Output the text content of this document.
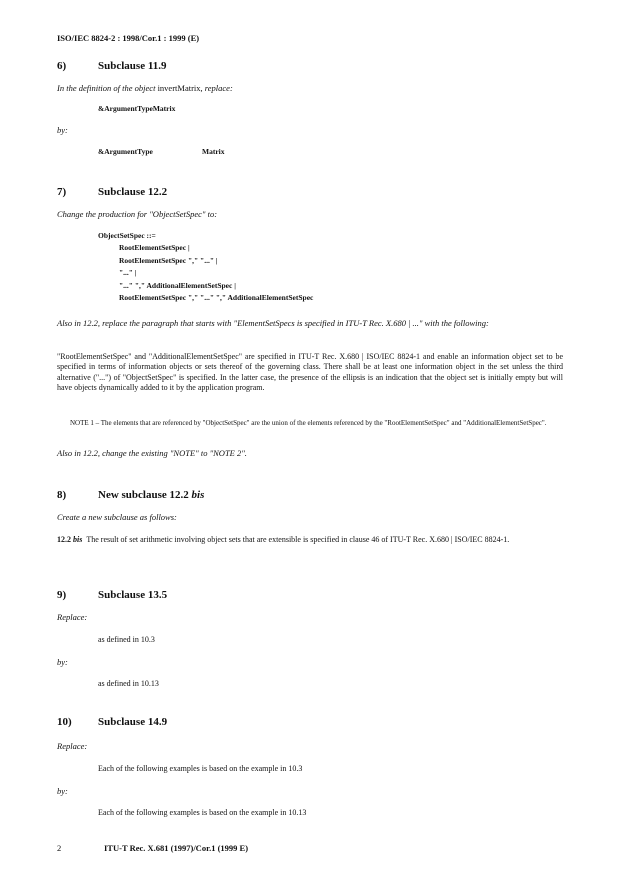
ISO/IEC 8824-2 : 1998/Cor.1 : 1999 (E)
6)	Subclause 11.9
In the definition of the object invertMatrix, replace:
&ArgumentTypeMatrix
by:
&ArgumentType	Matrix
7)	Subclause 12.2
Change the production for "ObjectSetSpec" to:
ObjectSetSpec ::=
RootElementSetSpec |
RootElementSetSpec "," "..." |
"..." |
"..." "," AdditionalElementSetSpec |
RootElementSetSpec "," "..." "," AdditionalElementSetSpec
Also in 12.2, replace the paragraph that starts with "ElementSetSpecs is specified in ITU-T Rec. X.680 | ..." with the following:
"RootElementSetSpec" and "AdditionalElementSetSpec" are specified in ITU-T Rec. X.680 | ISO/IEC 8824-1 and enable an information object set to be specified in terms of information objects or sets thereof of the governing class. There shall be at least one information object in the set unless the third alternative ("...") of "ObjectSetSpec" is specified. In the latter case, the presence of the ellipsis is an indication that the object set is initially empty but will have objects dynamically added to it by the application program.
NOTE 1 – The elements that are referenced by "ObjectSetSpec" are the union of the elements referenced by the "RootElementSetSpec" and "AdditionalElementSetSpec".
Also in 12.2, change the existing "NOTE" to "NOTE 2".
8)	New subclause 12.2 bis
Create a new subclause as follows:
12.2 bis The result of set arithmetic involving object sets that are extensible is specified in clause 46 of ITU-T Rec. X.680 | ISO/IEC 8824-1.
9)	Subclause 13.5
Replace:
as defined in 10.3
by:
as defined in 10.13
10) Subclause 14.9
Replace:
Each of the following examples is based on the example in 10.3
by:
Each of the following examples is based on the example in 10.13
2	ITU-T Rec. X.681 (1997)/Cor.1 (1999 E)
